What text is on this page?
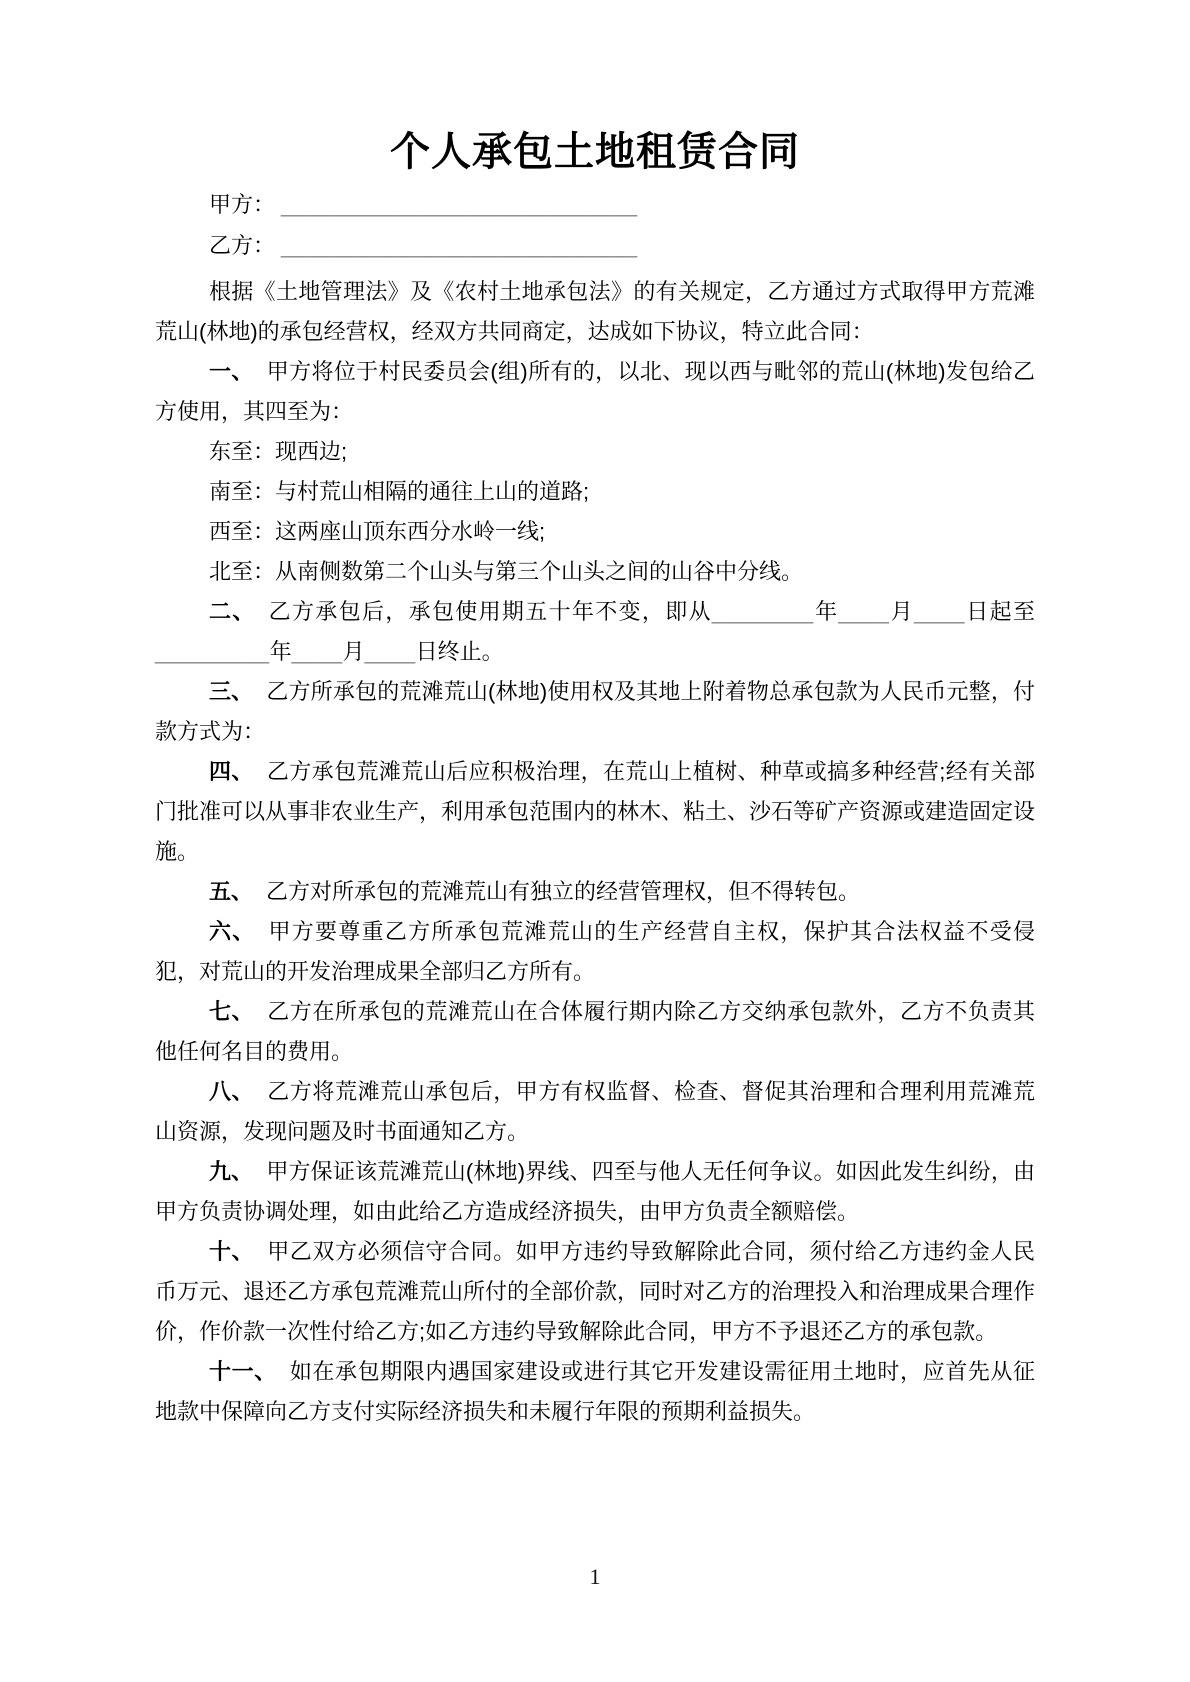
个人承包土地租赁合同
甲方： ____________________________
乙方： ____________________________

根据《土地管理法》及《农村土地承包法》的有关规定，乙方通过方式取得甲方荒滩荒山(林地)的承包经营权，经双方共同商定，达成如下协议，特立此合同：

一、 甲方将位于村民委员会(组)所有的，以北、现以西与毗邻的荒山(林地)发包给乙方使用，其四至为：

东至：现西边;

南至：与村荒山相隔的通往上山的道路;

西至：这两座山顶东西分水岭一线;

北至：从南侧数第二个山头与第三个山头之间的山谷中分线。

二、 乙方承包后，承包使用期五十年不变，即从________年____月____日起至_________年____月____日终止。

三、 乙方所承包的荒滩荒山(林地)使用权及其地上附着物总承包款为人民币元整，付款方式为：

四、 乙方承包荒滩荒山后应积极治理，在荒山上植树、种草或搞多种经营;经有关部门批准可以从事非农业生产，利用承包范围内的林木、粘土、沙石等矿产资源或建造固定设施。

五、 乙方对所承包的荒滩荒山有独立的经营管理权，但不得转包。

六、 甲方要尊重乙方所承包荒滩荒山的生产经营自主权，保护其合法权益不受侵犯，对荒山的开发治理成果全部归乙方所有。

七、 乙方在所承包的荒滩荒山在合体履行期内除乙方交纳承包款外，乙方不负责其他任何名目的费用。

八、 乙方将荒滩荒山承包后，甲方有权监督、检查、督促其治理和合理利用荒滩荒山资源，发现问题及时书面通知乙方。

九、 甲方保证该荒滩荒山(林地)界线、四至与他人无任何争议。如因此发生纠纷，由甲方负责协调处理，如由此给乙方造成经济损失，由甲方负责全额赔偿。

十、 甲乙双方必须信守合同。如甲方违约导致解除此合同，须付给乙方违约金人民币万元、退还乙方承包荒滩荒山所付的全部价款，同时对乙方的治理投入和治理成果合理作价，作价款一次性付给乙方;如乙方违约导致解除此合同，甲方不予退还乙方的承包款。

十一、 如在承包期限内遇国家建设或进行其它开发建设需征用土地时，应首先从征地款中保障向乙方支付实际经济损失和未履行年限的预期利益损失。

1
